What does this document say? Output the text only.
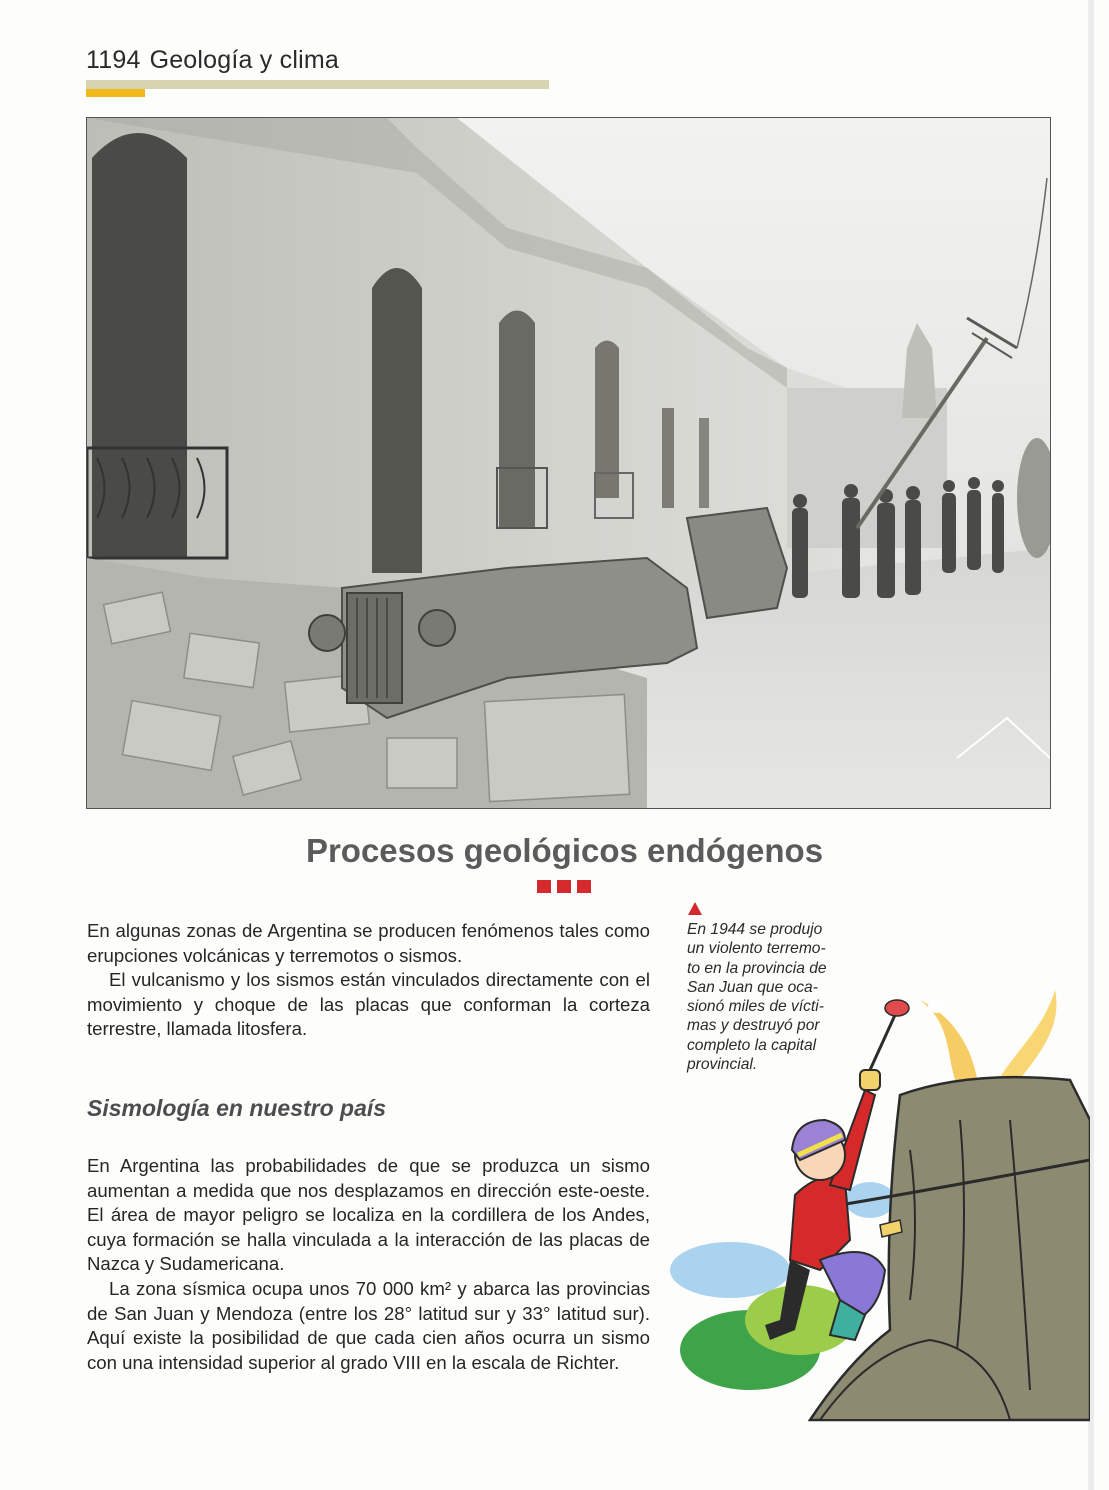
1194 Geología y clima
Procesos geológicos endógenos

En algunas zonas de Argentina se producen fenómenos tales como erupciones volcánicas y terremotos o sismos.

El vulcanismo y los sismos están vinculados directamente con el movimiento y choque de las placas que conforman la corteza terrestre, llamada litosfera.

Sismología en nuestro país

En Argentina las probabilidades de que se produzca un sismo aumentan a medida que nos desplazamos en dirección este-oeste. El área de mayor peligro se localiza en la cordillera de los Andes, cuya formación se halla vinculada a la interacción de las placas de Nazca y Sudamericana.

La zona sísmica ocupa unos 70 000 km² y abarca las provincias de San Juan y Mendoza (entre los 28° latitud sur y 33° latitud sur). Aquí existe la posibilidad de que cada cien años ocurra un sismo con una intensidad superior al grado VIII en la escala de Richter.

En 1944 se produjo
un violento terremo-
to en la provincia de
San Juan que oca-
sionó miles de vícti-
mas y destruyó por
completo la capital
provincial.
